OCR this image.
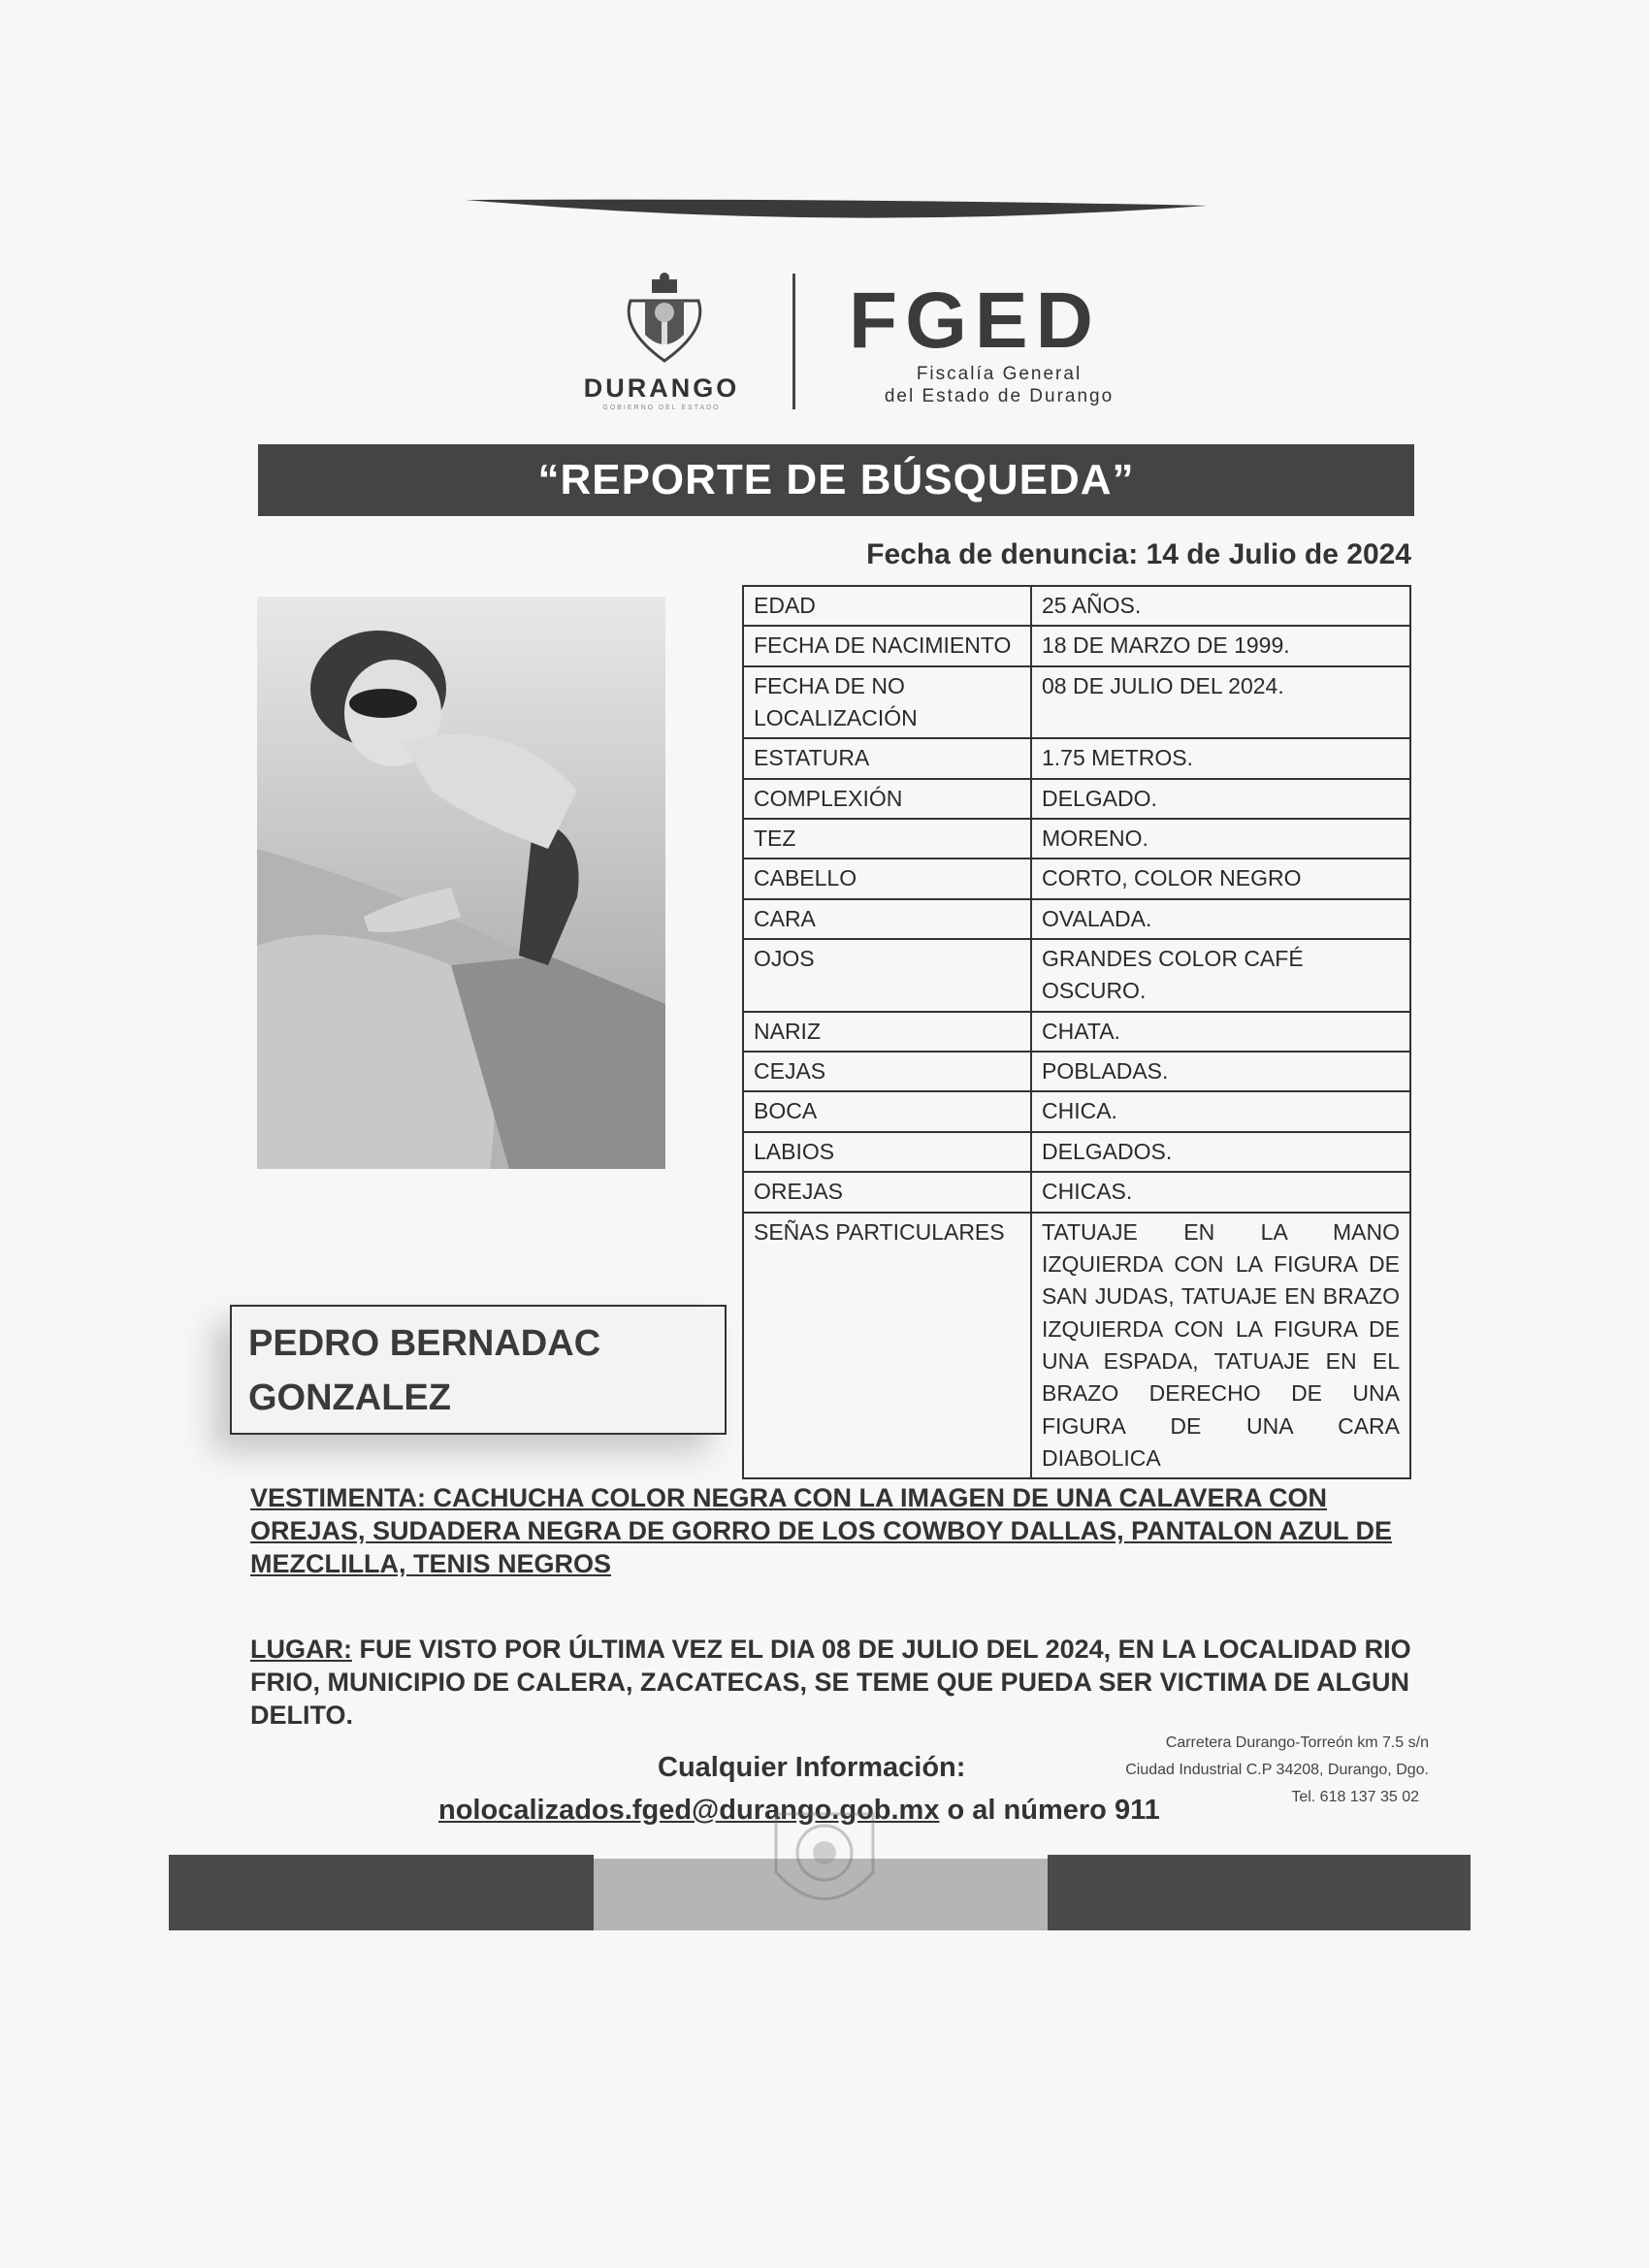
DURANGO
GOBIERNO DEL ESTADO
FGED
Fiscalía General
del Estado de Durango
“REPORTE DE BÚSQUEDA”
Fecha de denuncia: 14 de Julio de 2024
EDAD	25 AÑOS.
FECHA DE NACIMIENTO	18 DE MARZO DE 1999.
FECHA DE NO LOCALIZACIÓN	08 DE JULIO DEL 2024.
ESTATURA	1.75 METROS.
COMPLEXIÓN	DELGADO.
TEZ	MORENO.
CABELLO	CORTO, COLOR NEGRO
CARA	OVALADA.
OJOS	GRANDES COLOR CAFÉ OSCURO.
NARIZ	CHATA.
CEJAS	POBLADAS.
BOCA	CHICA.
LABIOS	DELGADOS.
OREJAS	CHICAS.
SEÑAS PARTICULARES	TATUAJE EN LA MANO IZQUIERDA CON LA FIGURA DE SAN JUDAS, TATUAJE EN BRAZO IZQUIERDA CON LA FIGURA DE UNA ESPADA, TATUAJE EN EL BRAZO DERECHO DE UNA FIGURA DE UNA CARA DIABOLICA
PEDRO BERNADAC
GONZALEZ
VESTIMENTA: CACHUCHA COLOR NEGRA CON LA IMAGEN DE UNA CALAVERA CON OREJAS, SUDADERA NEGRA DE GORRO DE LOS COWBOY DALLAS, PANTALON AZUL DE MEZCLILLA, TENIS NEGROS
LUGAR: FUE VISTO POR ÚLTIMA VEZ EL DIA 08 DE JULIO DEL 2024, EN LA LOCALIDAD RIO FRIO, MUNICIPIO DE CALERA, ZACATECAS, SE TEME QUE PUEDA SER VICTIMA DE ALGUN DELITO.
Carretera Durango-Torreón km 7.5 s/n
Ciudad Industrial C.P 34208, Durango, Dgo.
Tel. 618 137 35 02
Cualquier Información:
nolocalizados.fged@durango.gob.mx o al número 911
